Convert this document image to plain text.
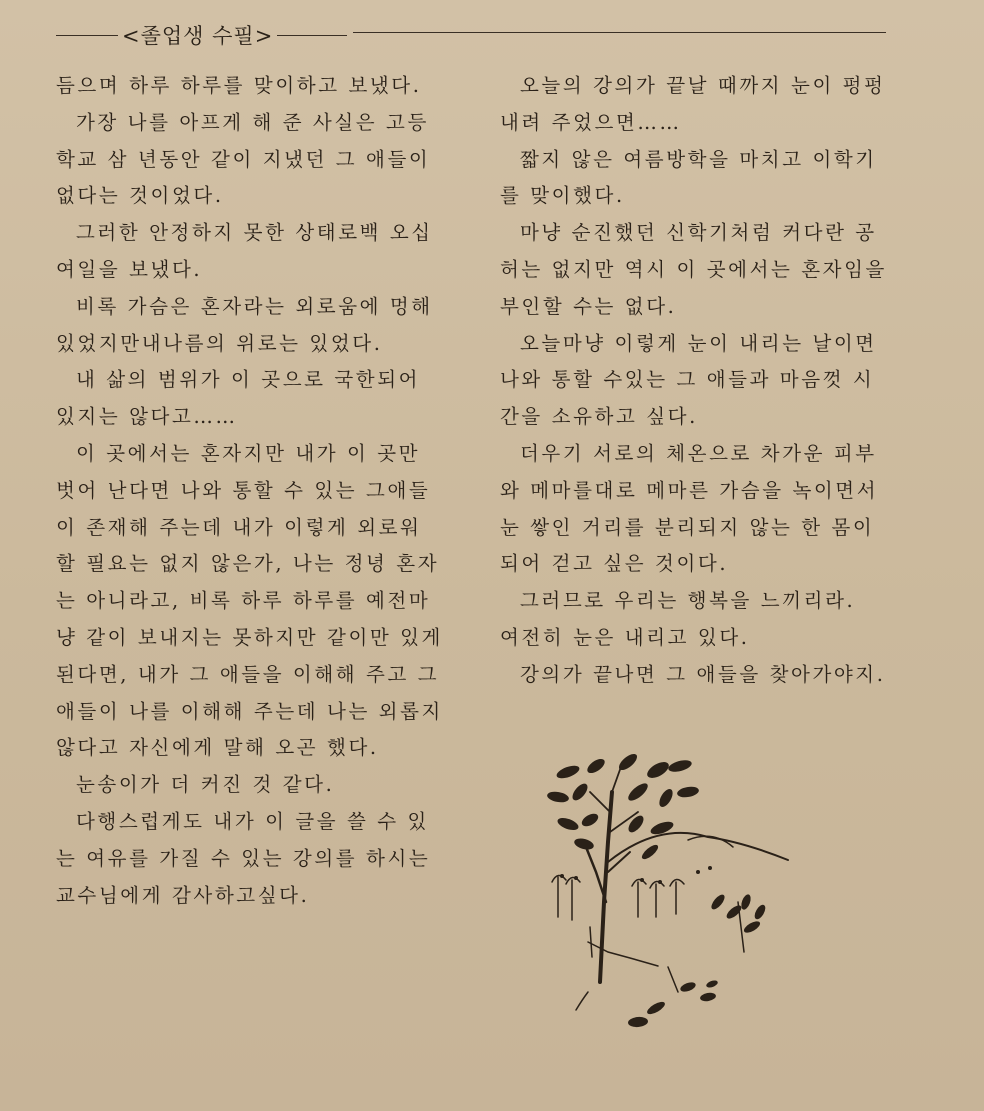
<졸업생 수필>

듬으며 하루 하루를 맞이하고 보냈다.

가장 나를 아프게 해 준 사실은 고등학교 삼 년동안 같이 지냈던 그 애들이 없다는 것이었다.

그러한 안정하지 못한 상태로백 오십여일을 보냈다.

비록 가슴은 혼자라는 외로움에 멍해 있었지만내나름의 위로는 있었다.

내 삶의 범위가 이 곳으로 국한되어 있지는 않다고……

이 곳에서는 혼자지만 내가 이 곳만 벗어 난다면 나와 통할 수 있는 그애들이 존재해 주는데 내가 이렇게 외로워 할 필요는 없지 않은가, 나는 정녕 혼자는 아니라고, 비록 하루 하루를 예전마냥 같이 보내지는 못하지만 같이만 있게 된다면, 내가 그 애들을 이해해 주고 그 애들이 나를 이해해 주는데 나는 외롭지 않다고 자신에게 말해 오곤 했다.

눈송이가 더 커진 것 같다.

다행스럽게도 내가 이 글을 쓸 수 있는 여유를 가질 수 있는 강의를 하시는 교수님에게 감사하고싶다.

오늘의 강의가 끝날 때까지 눈이 펑펑 내려 주었으면……

짧지 않은 여름방학을 마치고 이학기를 맞이했다.

마냥 순진했던 신학기처럼 커다란 공허는 없지만 역시 이 곳에서는 혼자임을 부인할 수는 없다.

오늘마냥 이렇게 눈이 내리는 날이면 나와 통할 수있는 그 애들과 마음껏 시간을 소유하고 싶다.

더우기 서로의 체온으로 차가운 피부와 메마를대로 메마른 가슴을 녹이면서 눈 쌓인 거리를 분리되지 않는 한 몸이 되어 걷고 싶은 것이다.

그러므로 우리는 행복을 느끼리라.

여전히 눈은 내리고 있다.

강의가 끝나면 그 애들을 찾아가야지.
